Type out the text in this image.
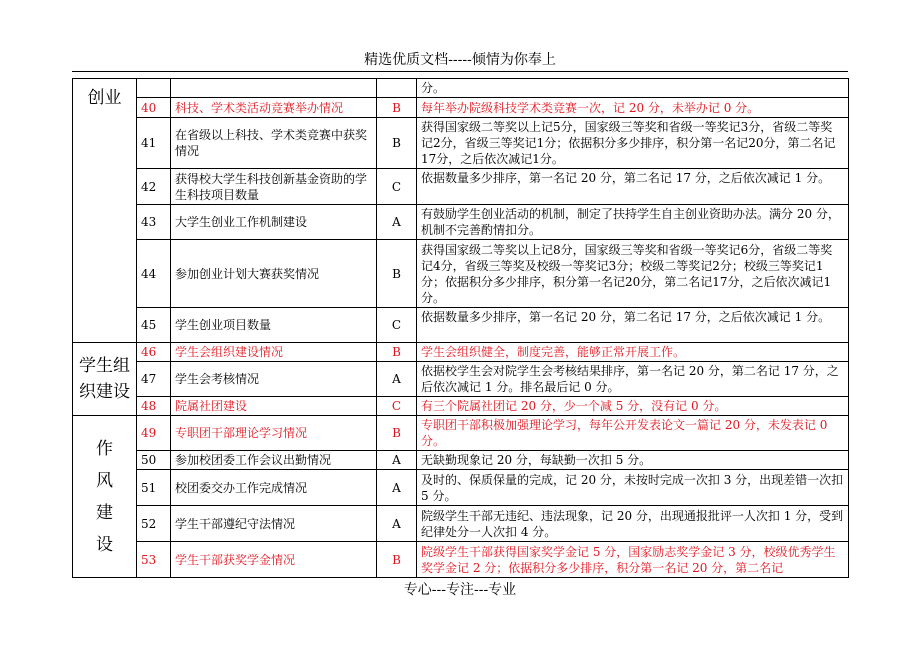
精选优质文档-----倾情为你奉上
创业				分。
	40	科技、学术类活动竞赛举办情况	B	每年举办院级科技学术类竞赛一次，记 20 分，未举办记 0 分。
	41	在省级以上科技、学术类竞赛中获奖情况	B	获得国家级二等奖以上记5分，国家级三等奖和省级一等奖记3分，省级二等奖记2分，省级三等奖记1分；依据积分多少排序，积分第一名记20分，第二名记17分，之后依次减记1分。
	42	获得校大学生科技创新基金资助的学生科技项目数量	C	依据数量多少排序，第一名记 20 分，第二名记 17 分，之后依次减记 1 分。
	43	大学生创业工作机制建设	A	有鼓励学生创业活动的机制，制定了扶持学生自主创业资助办法。满分 20 分，机制不完善酌情扣分。
	44	参加创业计划大赛获奖情况	B	获得国家级二等奖以上记8分，国家级三等奖和省级一等奖记6分，省级二等奖记4分，省级三等奖及校级一等奖记3分；校级二等奖记2分；校级三等奖记1分；依据积分多少排序，积分第一名记20分，第二名记17分，之后依次减记1分。
	45	学生创业项目数量	C	依据数量多少排序，第一名记 20 分，第二名记 17 分，之后依次减记 1 分。

学生组
织建设	46	学生会组织建设情况	B	学生会组织健全，制度完善，能够正常开展工作。
	47	学生会考核情况	A	依据校学生会对院学生会考核结果排序，第一名记 20 分，第二名记 17 分，之后依次减记 1 分。排名最后记 0 分。
	48	院属社团建设	C	有三个院属社团记 20 分，少一个减 5 分，没有记 0 分。

作
风
建
设	49	专职团干部理论学习情况	B	专职团干部积极加强理论学习，每年公开发表论文一篇记 20 分，未发表记 0 分。
	50	参加校团委工作会议出勤情况	A	无缺勤现象记 20 分，每缺勤一次扣 5 分。
	51	校团委交办工作完成情况	A	及时的、保质保量的完成，记 20 分，未按时完成一次扣 3 分，出现差错一次扣 5 分。
	52	学生干部遵纪守法情况	A	院级学生干部无违纪、违法现象，记 20 分，出现通报批评一人次扣 1 分，受到纪律处分一人次扣 4 分。
	53	学生干部获奖学金情况	B	院级学生干部获得国家奖学金记 5 分，国家励志奖学金记 3 分，校级优秀学生奖学金记 2 分；依据积分多少排序，积分第一名记 20 分，第二名记
专心---专注---专业
